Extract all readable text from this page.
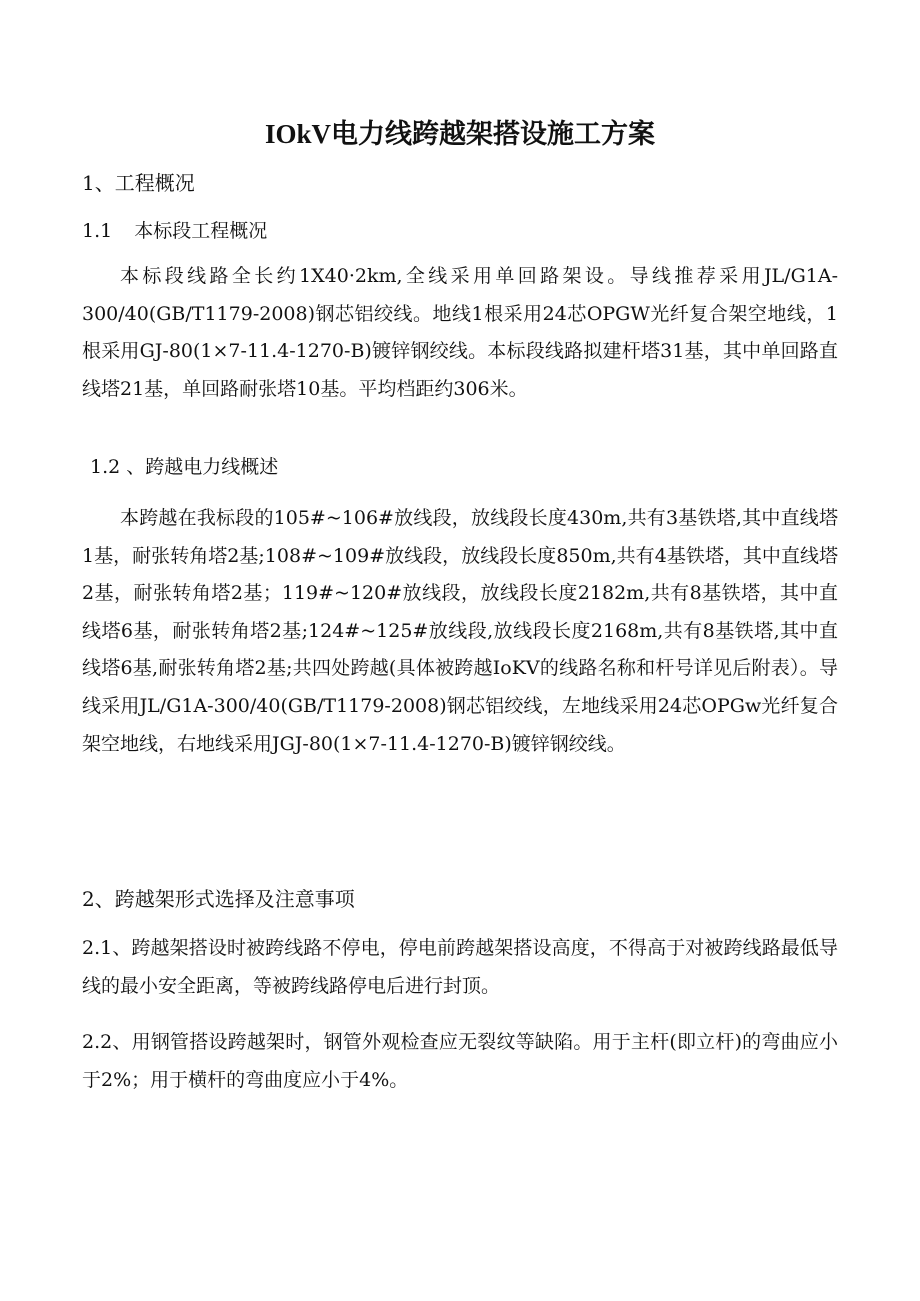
IOkV电力线跨越架搭设施工方案

1、工程概况

1.1 本标段工程概况

本标段线路全长约1X40·2km,全线采用单回路架设。导线推荐采用JL/G1A-300/40(GB/T1179-2008)钢芯铝绞线。地线1根采用24芯OPGW光纤复合架空地线，1根采用GJ-80(1×7-11.4-1270-B)镀锌钢绞线。本标段线路拟建杆塔31基，其中单回路直线塔21基，单回路耐张塔10基。平均档距约306米。

1.2 、跨越电力线概述

本跨越在我标段的105#~106#放线段，放线段长度430m,共有3基铁塔,其中直线塔1基，耐张转角塔2基;108#~109#放线段，放线段长度850m,共有4基铁塔，其中直线塔2基，耐张转角塔2基；119#~120#放线段，放线段长度2182m,共有8基铁塔，其中直线塔6基，耐张转角塔2基;124#~125#放线段,放线段长度2168m,共有8基铁塔,其中直线塔6基,耐张转角塔2基;共四处跨越(具体被跨越IoKV的线路名称和杆号详见后附表）。导线采用JL/G1A-300/40(GB/T1179-2008)钢芯铝绞线，左地线采用24芯OPGw光纤复合架空地线，右地线采用JGJ-80(1×7-11.4-1270-B)镀锌钢绞线。

2、跨越架形式选择及注意事项

2.1、跨越架搭设时被跨线路不停电，停电前跨越架搭设高度，不得高于对被跨线路最低导线的最小安全距离，等被跨线路停电后进行封顶。

2.2、用钢管搭设跨越架时，钢管外观检查应无裂纹等缺陷。用于主杆(即立杆)的弯曲应小于2%；用于横杆的弯曲度应小于4%。
